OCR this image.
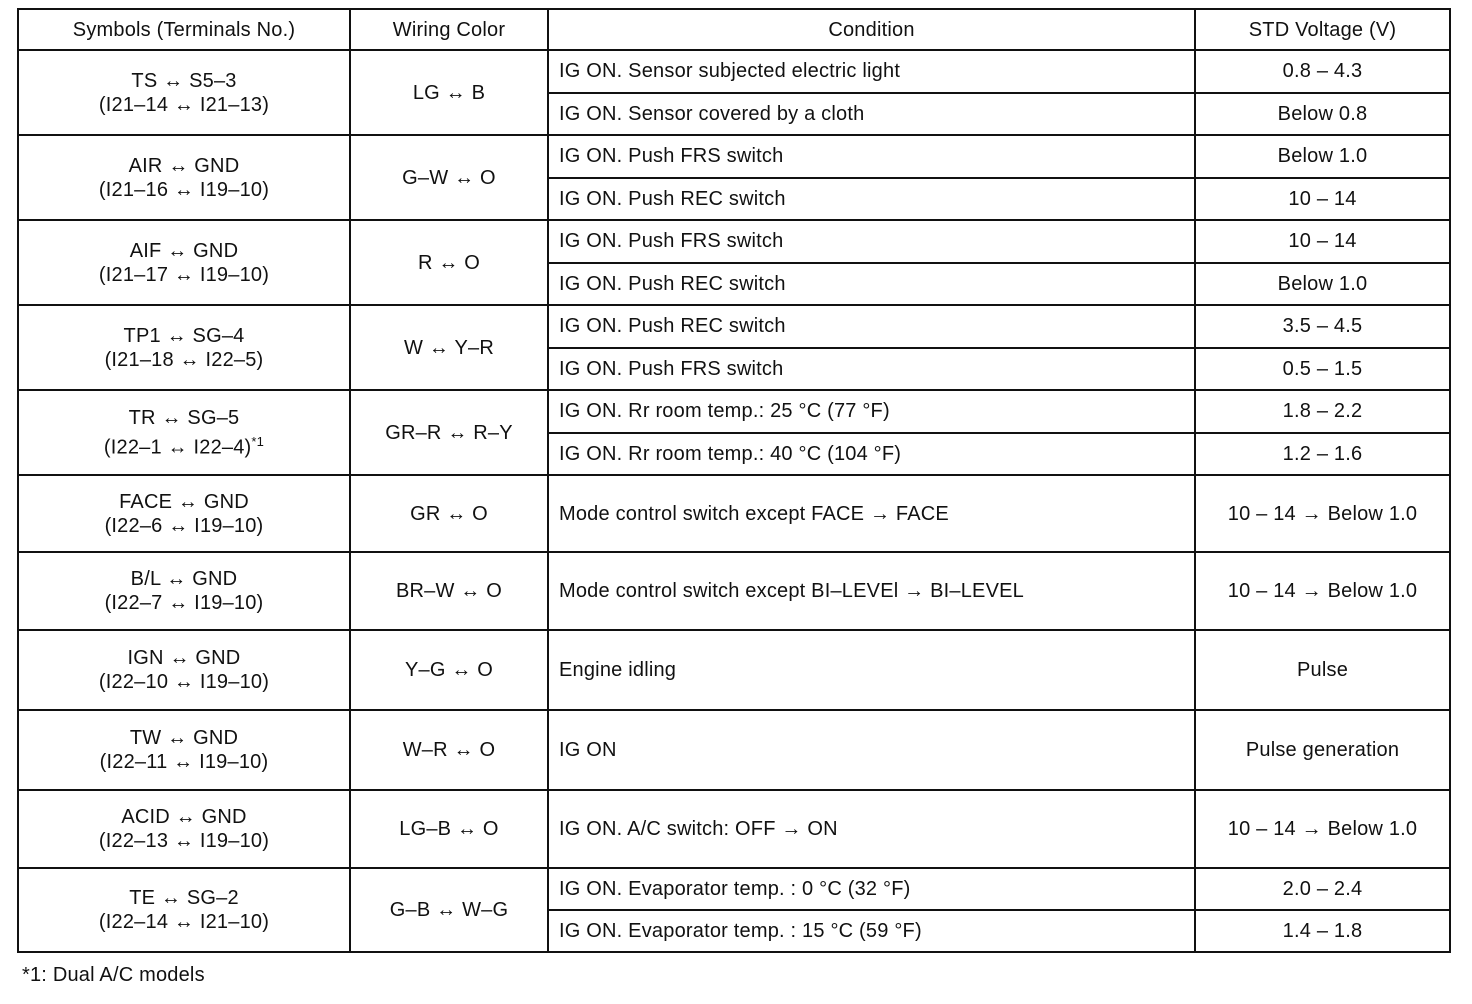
Symbols (Terminals No.)	Wiring Color	Condition	STD Voltage (V)

TS ↔ S5–3
(I21–14 ↔ I21–13)	LG ↔ B	IG ON. Sensor subjected electric light	0.8 – 4.3
		IG ON. Sensor covered by a cloth	Below 0.8

AIR ↔ GND
(I21–16 ↔ I19–10)	G–W ↔ O	IG ON. Push FRS switch	Below 1.0
		IG ON. Push REC switch	10 – 14

AIF ↔ GND
(I21–17 ↔ I19–10)	R ↔ O	IG ON. Push FRS switch	10 – 14
		IG ON. Push REC switch	Below 1.0

TP1 ↔ SG–4
(I21–18 ↔ I22–5)	W ↔ Y–R	IG ON. Push REC switch	3.5 – 4.5
		IG ON. Push FRS switch	0.5 – 1.5

TR ↔ SG–5
(I22–1 ↔ I22–4)$^{*1}$	GR–R ↔ R–Y	IG ON. Rr room temp.: 25 °C (77 °F)	1.8 – 2.2
		IG ON. Rr room temp.: 40 °C (104 °F)	1.2 – 1.6

FACE ↔ GND
(I22–6 ↔ I19–10)	GR ↔ O	Mode control switch except FACE → FACE	10 – 14 → Below 1.0

B/L ↔ GND
(I22–7 ↔ I19–10)	BR–W ↔ O	Mode control switch except BI–LEVEl → BI–LEVEL	10 – 14 → Below 1.0

IGN ↔ GND
(I22–10 ↔ I19–10)	Y–G ↔ O	Engine idling	Pulse

TW ↔ GND
(I22–11 ↔ I19–10)	W–R ↔ O	IG ON	Pulse generation

ACID ↔ GND
(I22–13 ↔ I19–10)	LG–B ↔ O	IG ON. A/C switch: OFF → ON	10 – 14 → Below 1.0

TE ↔ SG–2
(I22–14 ↔ I21–10)	G–B ↔ W–G	IG ON. Evaporator temp. : 0 °C (32 °F)	2.0 – 2.4
		IG ON. Evaporator temp. : 15 °C (59 °F)	1.4 – 1.8
*1: Dual A/C models
